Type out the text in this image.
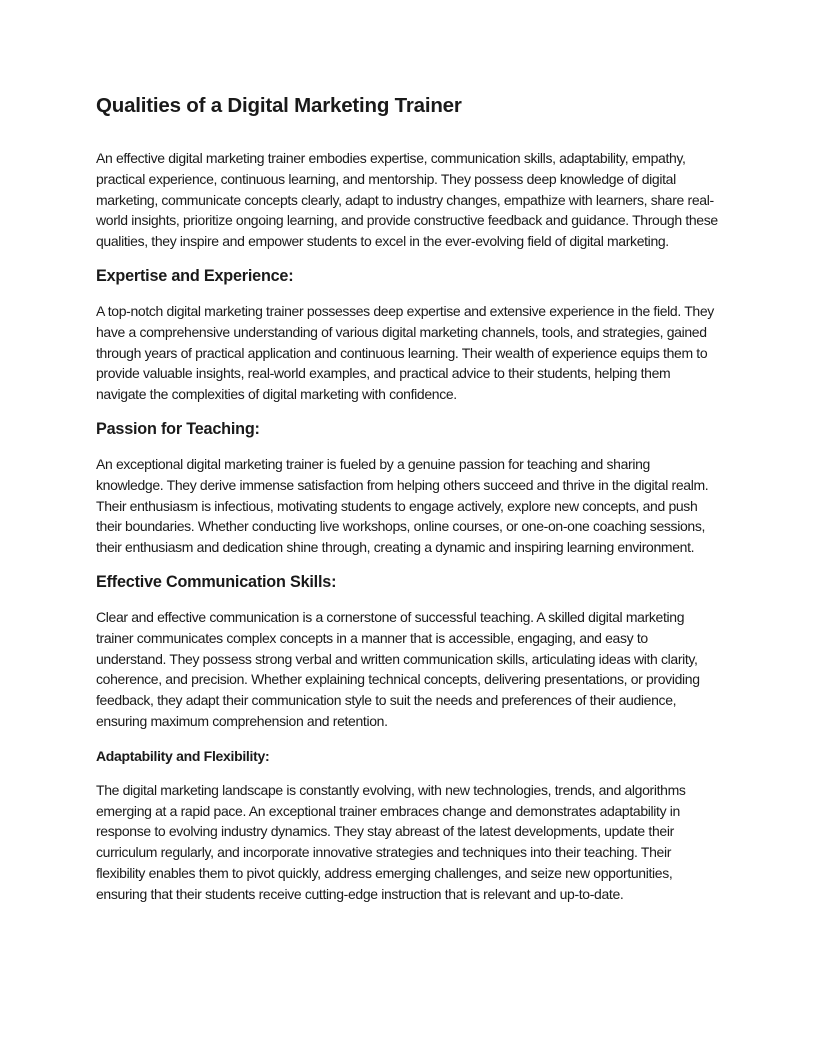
Qualities of a Digital Marketing Trainer

An effective digital marketing trainer embodies expertise, communication skills, adaptability, empathy, practical experience, continuous learning, and mentorship. They possess deep knowledge of digital marketing, communicate concepts clearly, adapt to industry changes, empathize with learners, share real-world insights, prioritize ongoing learning, and provide constructive feedback and guidance. Through these qualities, they inspire and empower students to excel in the ever-evolving field of digital marketing.

Expertise and Experience:

A top-notch digital marketing trainer possesses deep expertise and extensive experience in the field. They have a comprehensive understanding of various digital marketing channels, tools, and strategies, gained through years of practical application and continuous learning. Their wealth of experience equips them to provide valuable insights, real-world examples, and practical advice to their students, helping them navigate the complexities of digital marketing with confidence.

Passion for Teaching:

An exceptional digital marketing trainer is fueled by a genuine passion for teaching and sharing knowledge. They derive immense satisfaction from helping others succeed and thrive in the digital realm. Their enthusiasm is infectious, motivating students to engage actively, explore new concepts, and push their boundaries. Whether conducting live workshops, online courses, or one-on-one coaching sessions, their enthusiasm and dedication shine through, creating a dynamic and inspiring learning environment.

Effective Communication Skills:

Clear and effective communication is a cornerstone of successful teaching. A skilled digital marketing trainer communicates complex concepts in a manner that is accessible, engaging, and easy to understand. They possess strong verbal and written communication skills, articulating ideas with clarity, coherence, and precision. Whether explaining technical concepts, delivering presentations, or providing feedback, they adapt their communication style to suit the needs and preferences of their audience, ensuring maximum comprehension and retention.

Adaptability and Flexibility:

The digital marketing landscape is constantly evolving, with new technologies, trends, and algorithms emerging at a rapid pace. An exceptional trainer embraces change and demonstrates adaptability in response to evolving industry dynamics. They stay abreast of the latest developments, update their curriculum regularly, and incorporate innovative strategies and techniques into their teaching. Their flexibility enables them to pivot quickly, address emerging challenges, and seize new opportunities, ensuring that their students receive cutting-edge instruction that is relevant and up-to-date.
